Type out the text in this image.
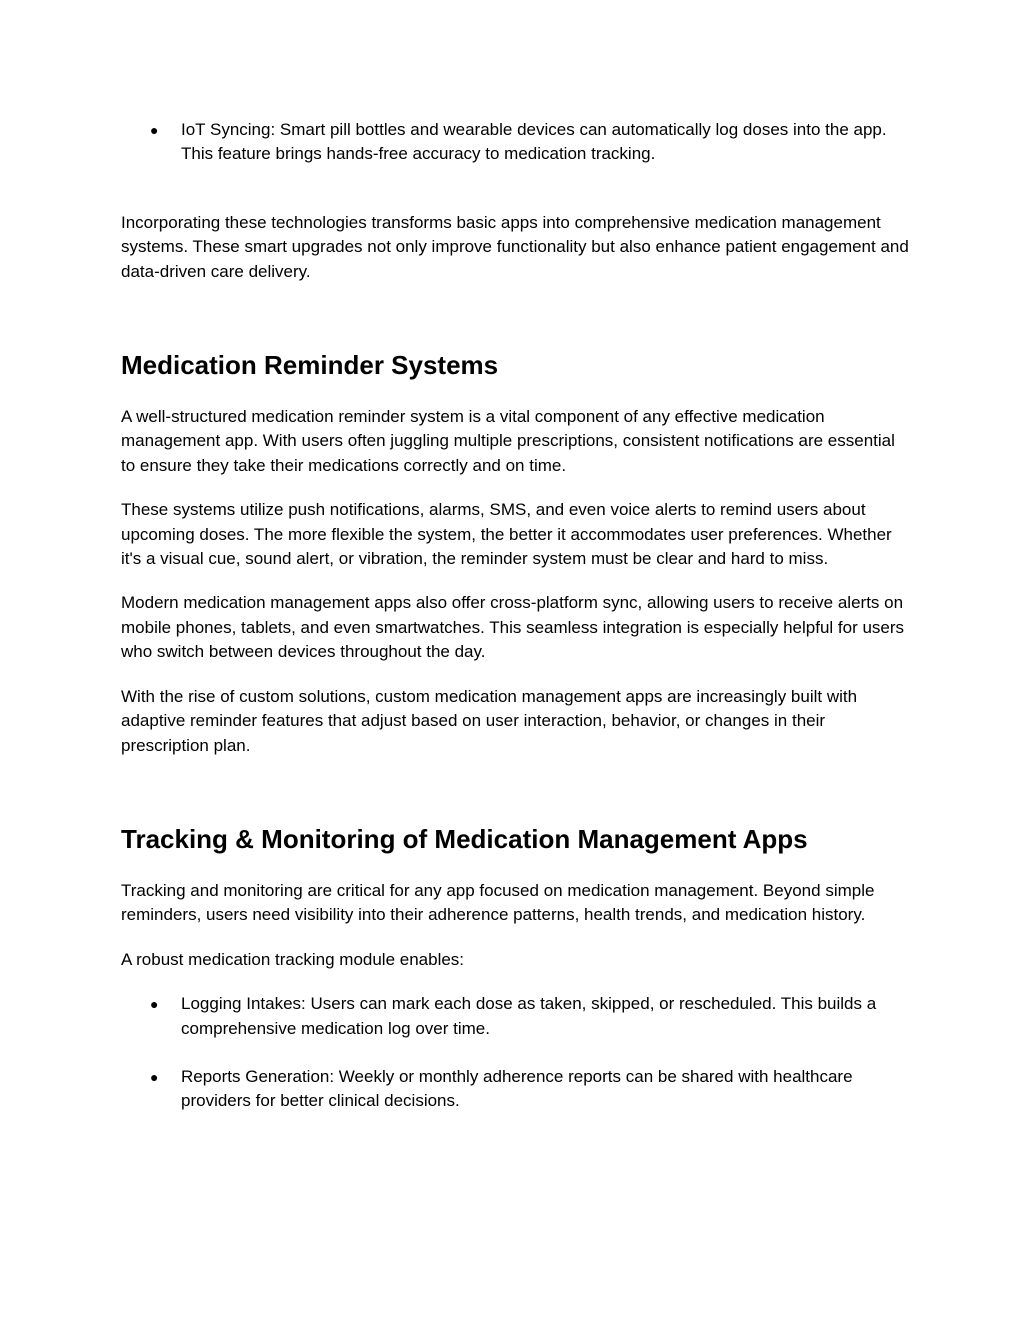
● IoT Syncing: Smart pill bottles and wearable devices can automatically log doses into the app. This feature brings hands-free accuracy to medication tracking.

Incorporating these technologies transforms basic apps into comprehensive medication management systems. These smart upgrades not only improve functionality but also enhance patient engagement and data-driven care delivery.

Medication Reminder Systems

A well-structured medication reminder system is a vital component of any effective medication management app. With users often juggling multiple prescriptions, consistent notifications are essential to ensure they take their medications correctly and on time.

These systems utilize push notifications, alarms, SMS, and even voice alerts to remind users about upcoming doses. The more flexible the system, the better it accommodates user preferences. Whether it's a visual cue, sound alert, or vibration, the reminder system must be clear and hard to miss.

Modern medication management apps also offer cross-platform sync, allowing users to receive alerts on mobile phones, tablets, and even smartwatches. This seamless integration is especially helpful for users who switch between devices throughout the day.

With the rise of custom solutions, custom medication management apps are increasingly built with adaptive reminder features that adjust based on user interaction, behavior, or changes in their prescription plan.

Tracking & Monitoring of Medication Management Apps

Tracking and monitoring are critical for any app focused on medication management. Beyond simple reminders, users need visibility into their adherence patterns, health trends, and medication history.

A robust medication tracking module enables:

● Logging Intakes: Users can mark each dose as taken, skipped, or rescheduled. This builds a comprehensive medication log over time.
● Reports Generation: Weekly or monthly adherence reports can be shared with healthcare providers for better clinical decisions.
